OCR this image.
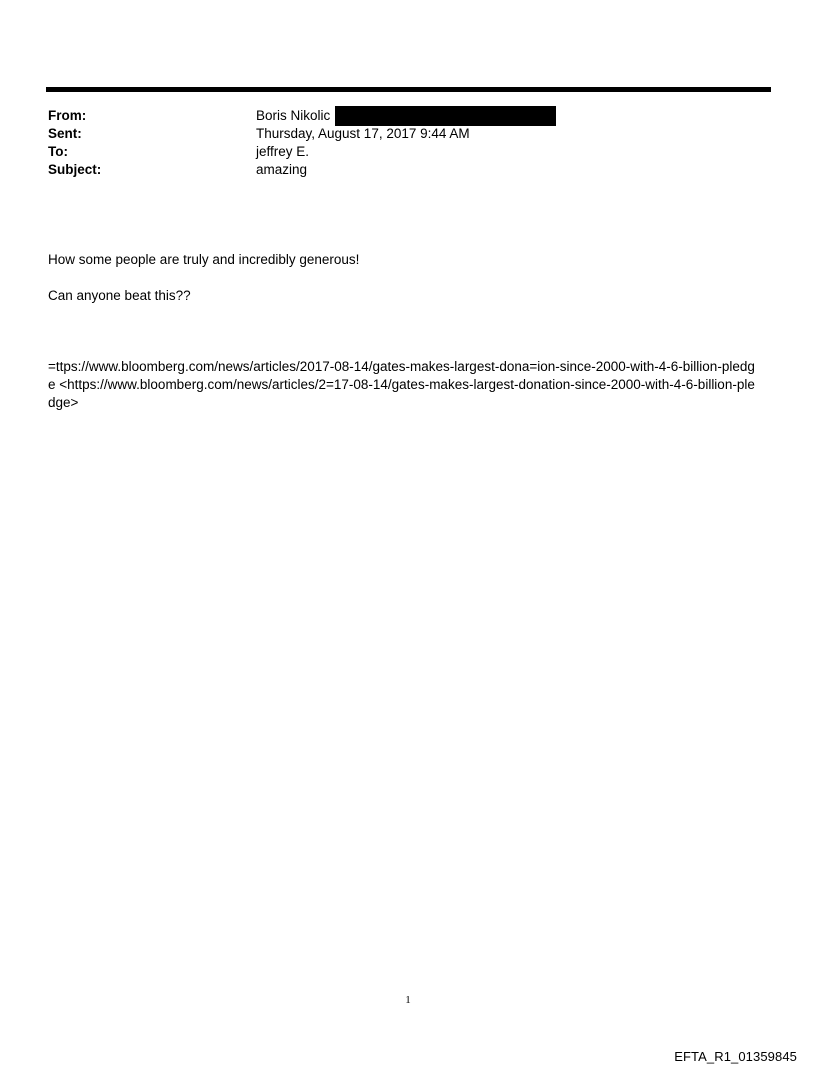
From:	Boris Nikolic
Sent:	Thursday, August 17, 2017 9:44 AM
To:	jeffrey E.
Subject:	amazing
How some people are truly and incredibly generous!
Can anyone beat this??
=ttps://www.bloomberg.com/news/articles/2017-08-14/gates-makes-largest-dona=ion-since-2000-with-4-6-billion-pledge <https://www.bloomberg.com/news/articles/2=17-08-14/gates-makes-largest-donation-since-2000-with-4-6-billion-pledge>
1
EFTA_R1_01359845
